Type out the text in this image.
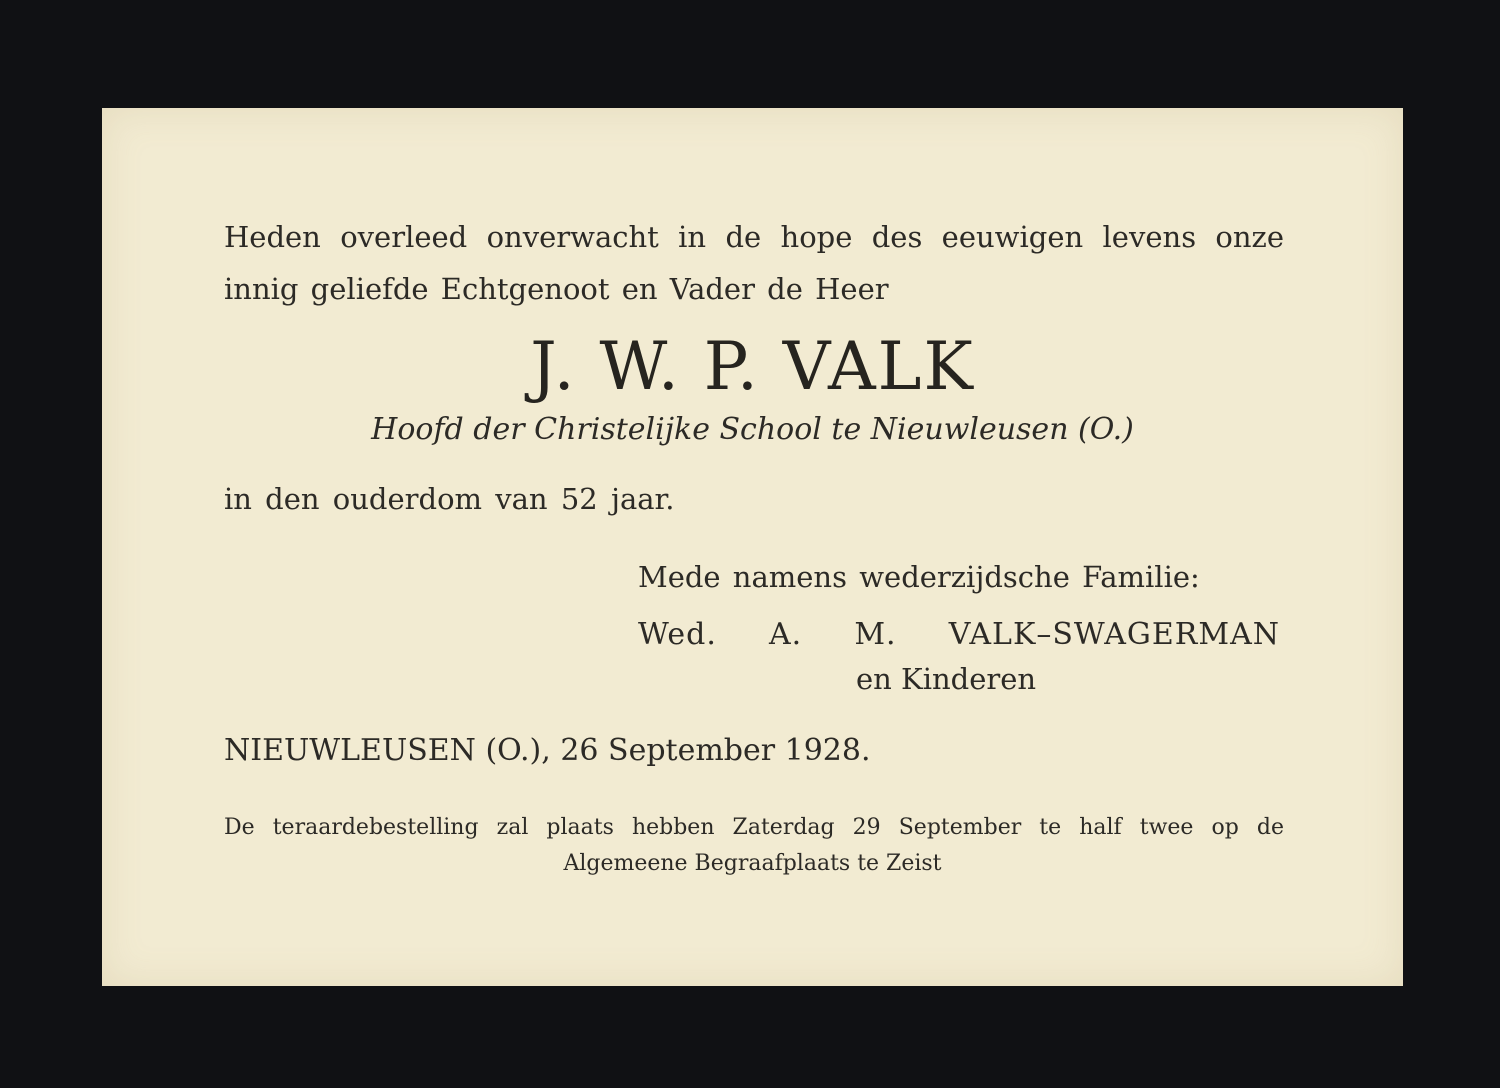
Heden overleed onverwacht in de hope des eeuwigen levens onze

innig geliefde Echtgenoot en Vader de Heer

J. W. P. VALK

Hoofd der Christelijke School te Nieuwleusen (O.)

in den ouderdom van 52 jaar.

Mede namens wederzijdsche Familie:

Wed. A. M. VALK–SWAGERMAN

en Kinderen

NIEUWLEUSEN (O.), 26 September 1928.

De teraardebestelling zal plaats hebben Zaterdag 29 September te half twee op de

Algemeene Begraafplaats te Zeist
